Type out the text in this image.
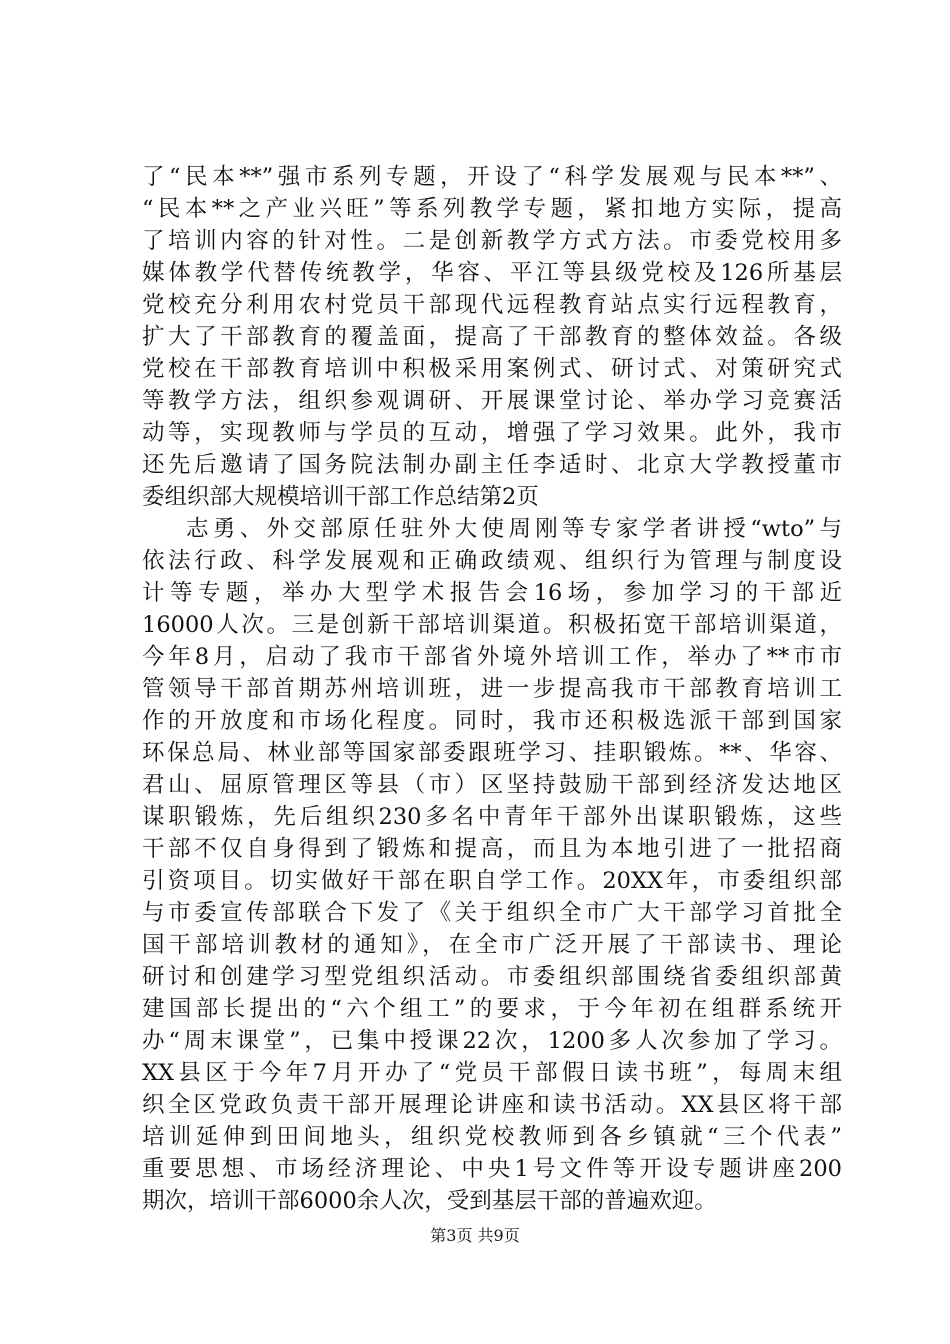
了“民本**”强市系列专题，开设了“科学发展观与民本**”、
“民本**之产业兴旺”等系列教学专题，紧扣地方实际，提高
了培训内容的针对性。二是创新教学方式方法。市委党校用多
媒体教学代替传统教学，华容、平江等县级党校及126所基层
党校充分利用农村党员干部现代远程教育站点实行远程教育，
扩大了干部教育的覆盖面，提高了干部教育的整体效益。各级
党校在干部教育培训中积极采用案例式、研讨式、对策研究式
等教学方法，组织参观调研、开展课堂讨论、举办学习竞赛活
动等，实现教师与学员的互动，增强了学习效果。此外，我市
还先后邀请了国务院法制办副主任李适时、北京大学教授董市
委组织部大规模培训干部工作总结第2页
志勇、外交部原任驻外大使周刚等专家学者讲授“wto”与
依法行政、科学发展观和正确政绩观、组织行为管理与制度设
计等专题，举办大型学术报告会16场，参加学习的干部近
16000人次。三是创新干部培训渠道。积极拓宽干部培训渠道，
今年8月，启动了我市干部省外境外培训工作，举办了**市市
管领导干部首期苏州培训班，进一步提高我市干部教育培训工
作的开放度和市场化程度。同时，我市还积极选派干部到国家
环保总局、林业部等国家部委跟班学习、挂职锻炼。**、华容、
君山、屈原管理区等县（市）区坚持鼓励干部到经济发达地区
谋职锻炼，先后组织230多名中青年干部外出谋职锻炼，这些
干部不仅自身得到了锻炼和提高，而且为本地引进了一批招商
引资项目。切实做好干部在职自学工作。20XX年，市委组织部
与市委宣传部联合下发了《关于组织全市广大干部学习首批全
国干部培训教材的通知》，在全市广泛开展了干部读书、理论
研讨和创建学习型党组织活动。市委组织部围绕省委组织部黄
建国部长提出的“六个组工”的要求，于今年初在组群系统开
办“周末课堂”，已集中授课22次，1200多人次参加了学习。
XX县区于今年7月开办了“党员干部假日读书班”，每周末组
织全区党政负责干部开展理论讲座和读书活动。XX县区将干部
培训延伸到田间地头，组织党校教师到各乡镇就“三个代表”
重要思想、市场经济理论、中央1号文件等开设专题讲座200
期次，培训干部6000余人次，受到基层干部的普遍欢迎。
第3页 共9页
